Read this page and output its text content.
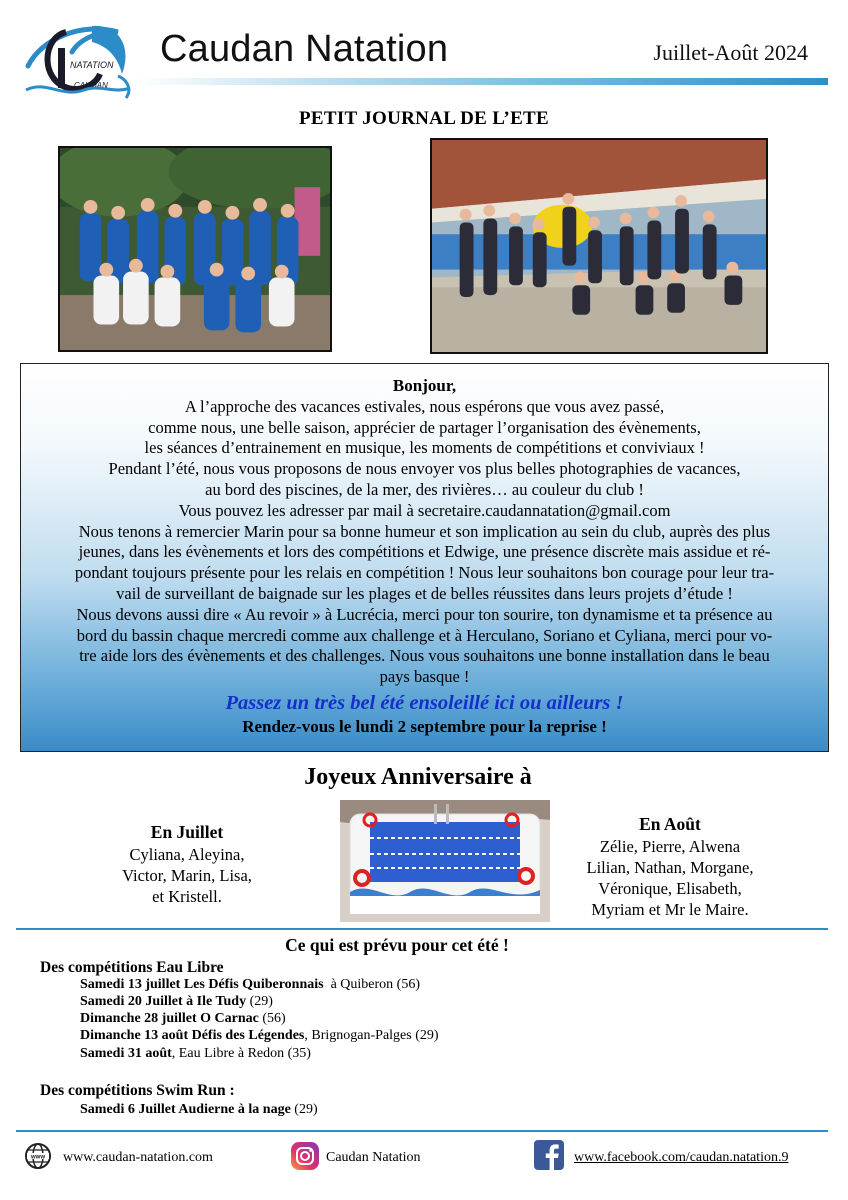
NATATION
CAUDAN
Caudan Natation	Juillet-Août 2024
PETIT JOURNAL DE L’ETE
Bonjour,
A l’approche des vacances estivales, nous espérons que vous avez passé,
comme nous, une belle saison, apprécier de partager l’organisation des évènements,
les séances d’entrainement en musique, les moments de compétitions et conviviaux !
Pendant l’été, nous vous proposons de nous envoyer vos plus belles photographies de vacances,
au bord des piscines, de la mer, des rivières… au couleur du club !
Vous pouvez les adresser par mail à secretaire.caudannatation@gmail.com
Nous tenons à remercier Marin pour sa bonne humeur et son implication au sein du club, auprès des plus
jeunes, dans les évènements et lors des compétitions et Edwige, une présence discrète mais assidue et ré-
pondant toujours présente pour les relais en compétition ! Nous leur souhaitons bon courage pour leur tra-
vail de surveillant de baignade sur les plages et de belles réussites dans leurs projets d’étude !
Nous devons aussi dire « Au revoir » à Lucrécia, merci pour ton sourire, ton dynamisme et ta présence au
bord du bassin chaque mercredi comme aux challenge et à Herculano, Soriano et Cyliana, merci pour vo-
tre aide lors des évènements et des challenges. Nous vous souhaitons une bonne installation dans le beau
pays basque !
Passez un très bel été ensoleillé ici ou ailleurs !
Rendez-vous le lundi 2 septembre pour la reprise !
Joyeux Anniversaire à
En Juillet
Cyliana, Aleyina,
Victor, Marin, Lisa,
et Kristell.
En Août
Zélie, Pierre, Alwena
Lilian, Nathan, Morgane,
Véronique, Elisabeth,
Myriam et Mr le Maire.
Ce qui est prévu pour cet été !
Des compétitions Eau Libre
Samedi 13 juillet Les Défis Quiberonnais  à Quiberon (56)
Samedi 20 Juillet à Ile Tudy (29)
Dimanche 28 juillet O Carnac (56)
Dimanche 13 août Défis des Légendes, Brignogan-Palges (29)
Samedi 31 août, Eau Libre à Redon (35)
Des compétitions Swim Run :
Samedi 6 Juillet Audierne à la nage (29)
www www.caudan-natation.com	Caudan Natation	www.facebook.com/caudan.natation.9
